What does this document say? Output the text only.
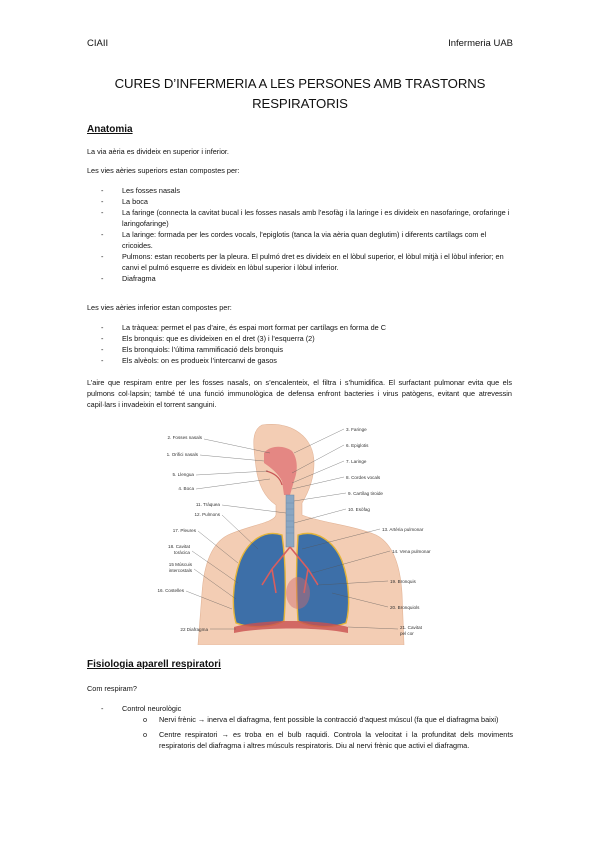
CIAII	Infermeria UAB
CURES D’INFERMERIA A LES PERSONES AMB TRASTORNS
RESPIRATORIS
Anatomia
La via aèria es divideix en superior i inferior.
Les vies aèries superiors estan compostes per:
- Les fosses nasals
- La boca
- La faringe (connecta la cavitat bucal i les fosses nasals amb l’esofàg i la laringe i es divideix en nasofaringe, orofaringe i laringofaringe)
- La laringe: formada per les cordes vocals, l’epiglotis (tanca la via aèria quan deglutim) i diferents cartílags com el cricoides.
- Pulmons: estan recoberts per la pleura. El pulmó dret es divideix en el lòbul superior, el lòbul mitjà i el lòbul inferior; en canvi el pulmó esquerre es divideix en lòbul superior i lòbul inferior.
- Diafragma
Les vies aèries inferior estan compostes per:
- La tràquea: permet el pas d’aire, és espai mort format per cartílags en forma de C
- Els bronquis: que es divideixen en el dret (3) i l’esquerra (2)
- Els bronquiols: l’última rammificació dels bronquis
- Els alvèols: on es produeix l’intercanvi de gasos
L’aire que respiram entre per les fosses nasals, on s’encalenteix, el filtra i s’humidifica. El surfactant pulmonar evita que els pulmons col·lapsin; també té una funció immunològica de defensa enfront bacteries i virus patògens, evitant que atrevessin capil·lars i invadeixin el torrent sanguini.
2. Fosses nasals
1. Orifici nasals
5. Llengua
4. Boca
11. Tràquea
12. Pulmons
17. Pleures
18. Cavitat
toràcica
15 Múscuis
intercostals
16. Costelles
22 Diafragma
3. Faringe
6. Epiglotis
7. Laringe
8. Cordes vocals
9. Cartílag tiroide
10. Esòfag
13. Artèria pulmonar
14. Vena pulmonar
19. Bronquis
20. Bronquiols
21. Cavitat
pel cor
Fisiologia aparell respiratori
Com respiram?
- Control neurològic
o Nervi frènic → inerva el diafragma, fent possible la contracció d’aquest múscul (fa que el diafragma baixi)
o Centre respiratori → es troba en el bulb raquidi. Controla la velocitat i la profunditat dels moviments respiratoris del diafragma i altres músculs respiratoris. Diu al nervi frènic que activi el diafragma.
